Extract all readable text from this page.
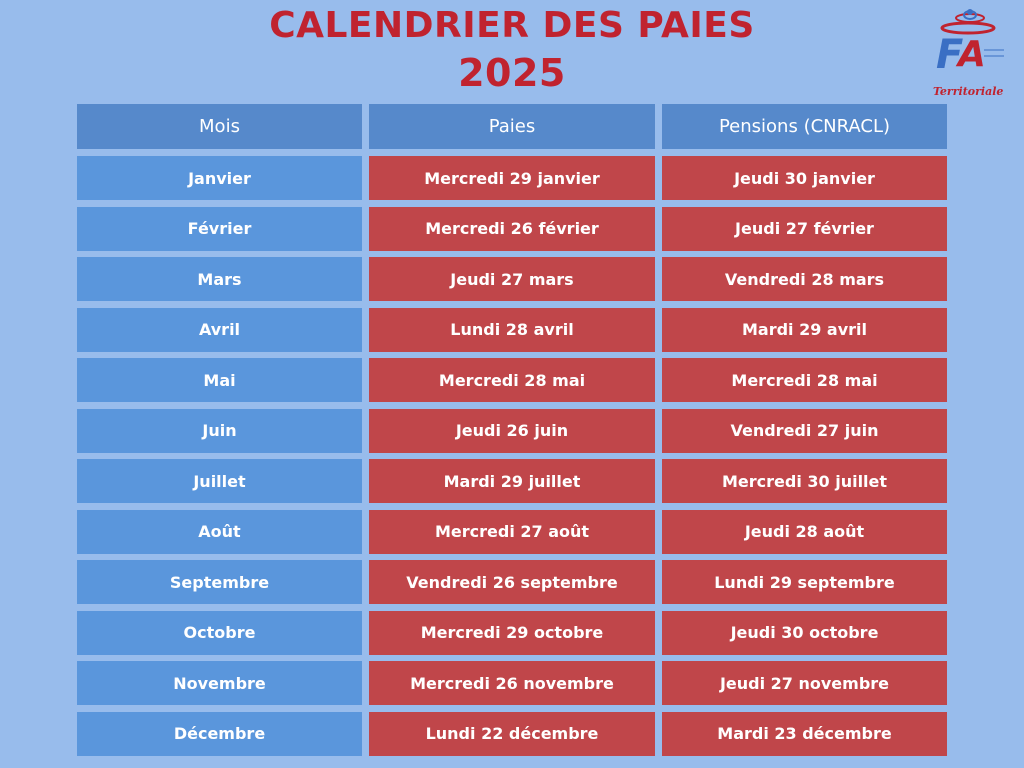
CALENDRIER DES PAIES
2025	F
A
Territoriale
Mois	Paies	Pensions (CNRACL)
Janvier	Mercredi 29 janvier	Jeudi 30 janvier
Février	Mercredi 26 février	Jeudi 27 février
Mars	Jeudi 27 mars	Vendredi 28 mars
Avril	Lundi 28 avril	Mardi 29 avril
Mai	Mercredi 28 mai	Mercredi 28 mai
Juin	Jeudi 26 juin	Vendredi 27 juin
Juillet	Mardi 29 juillet	Mercredi 30 juillet
Août	Mercredi 27 août	Jeudi 28 août
Septembre	Vendredi 26 septembre	Lundi 29 septembre
Octobre	Mercredi 29 octobre	Jeudi 30 octobre
Novembre	Mercredi 26 novembre	Jeudi 27 novembre
Décembre	Lundi 22 décembre	Mardi 23 décembre
